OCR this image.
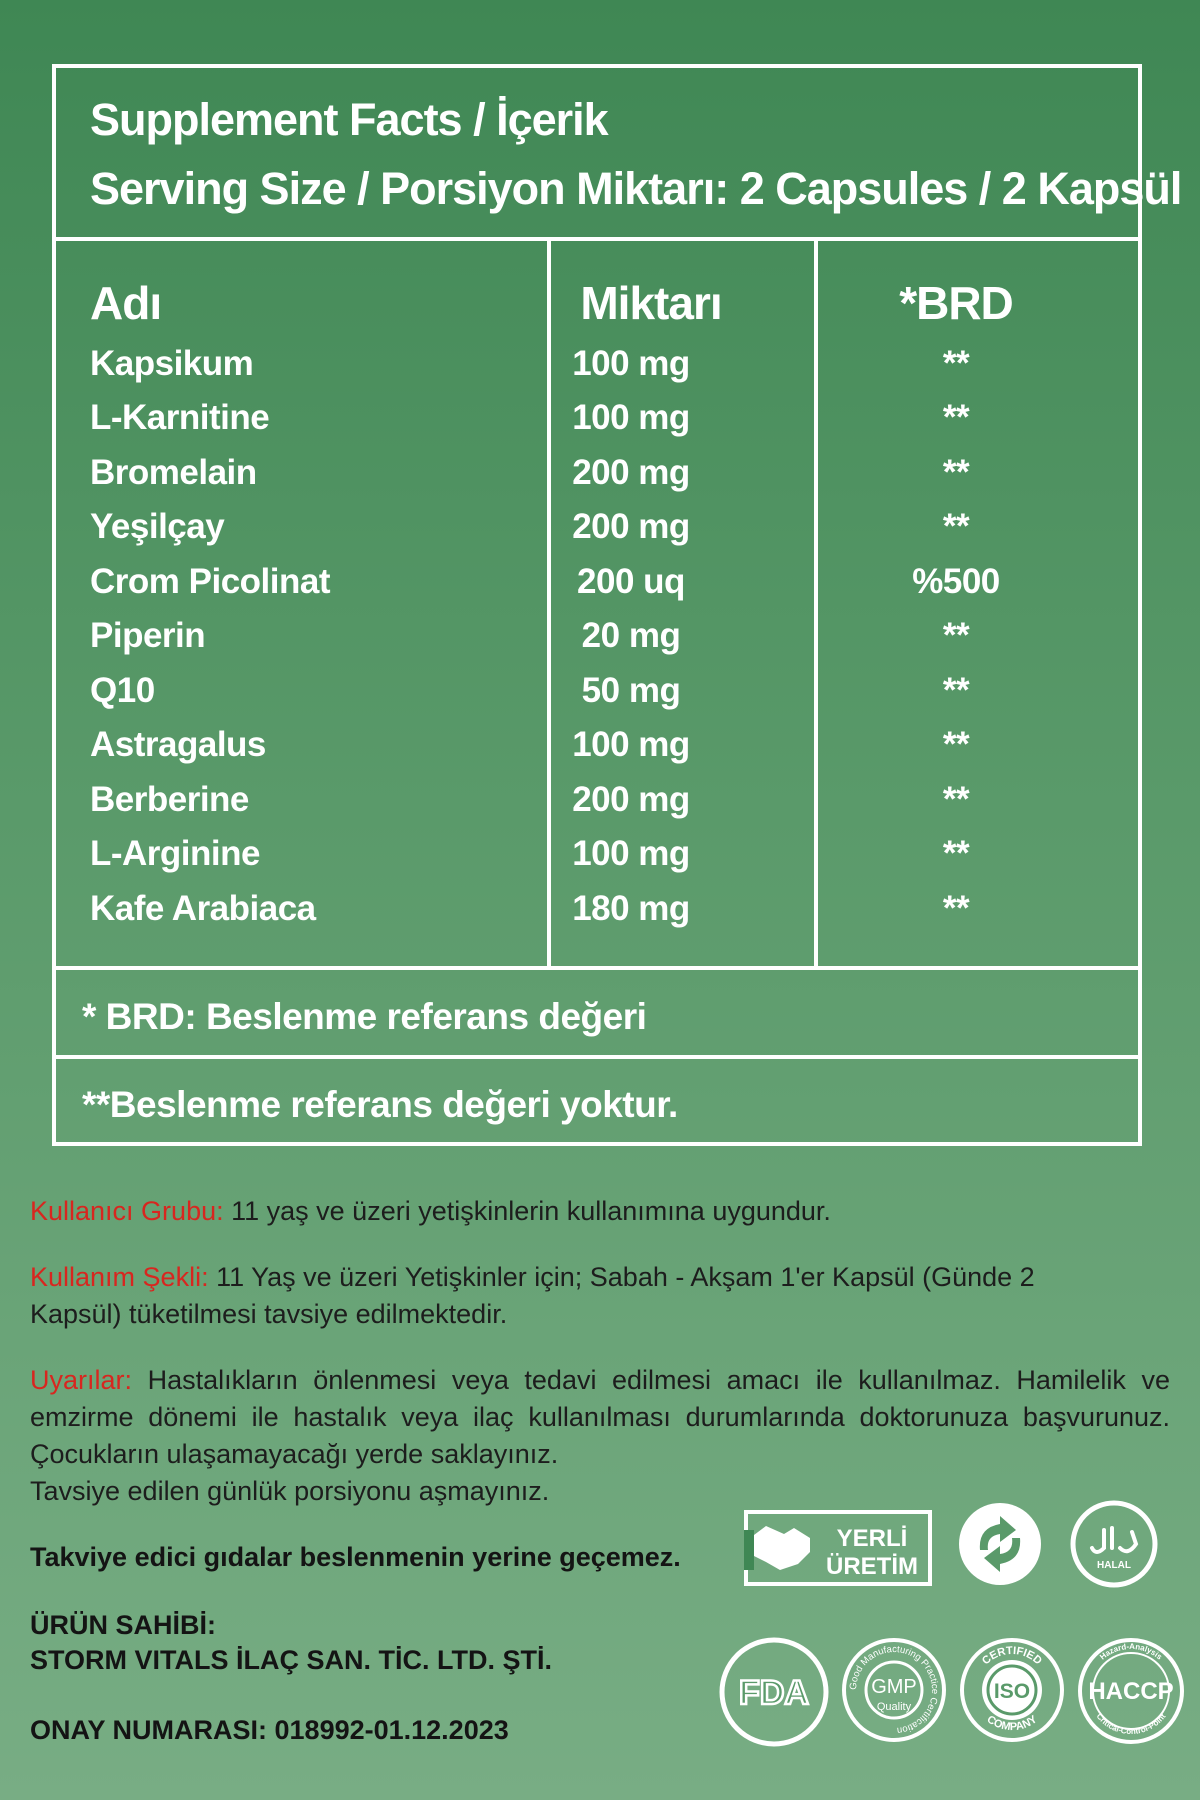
Supplement Facts / İçerik
Serving Size / Porsiyon Miktarı: 2 Capsules / 2 Kapsül
Adı	Miktarı	*BRD
Kapsikum	100 mg	**
L-Karnitine	100 mg	**
Bromelain	200 mg	**
Yeşilçay	200 mg	**
Crom Picolinat	200 uq	%500
Piperin	20 mg	**
Q10	50 mg	**
Astragalus	100 mg	**
Berberine	200 mg	**
L-Arginine	100 mg	**
Kafe Arabiaca	180 mg	**
* BRD: Beslenme referans değeri
**Beslenme referans değeri yoktur.
Kullanıcı Grubu: 11 yaş ve üzeri yetişkinlerin kullanımına uygundur.
Kullanım Şekli: 11 Yaş ve üzeri Yetişkinler için; Sabah - Akşam 1'er Kapsül (Günde 2 Kapsül) tüketilmesi tavsiye edilmektedir.
Uyarılar: Hastalıkların önlenmesi veya tedavi edilmesi amacı ile kullanılmaz. Hamilelik ve emzirme dönemi ile hastalık veya ilaç kullanılması durumlarında doktorunuza başvurunuz. Çocukların ulaşamayacağı yerde saklayınız.
Tavsiye edilen günlük porsiyonu aşmayınız.
Takviye edici gıdalar beslenmenin yerine geçemez.
ÜRÜN SAHİBİ:
STORM VITALS İLAÇ SAN. TİC. LTD. ŞTİ.
ONAY NUMARASI: 018992-01.12.2023
YERLİ
ÜRETİM	HALAL
FDA	GMP
Quality
Good Manufacturing Practice Certification
ISO
CERTIFIED
COMPANY
HACCP
Hazard-Analysis
Critical-Control-Point
